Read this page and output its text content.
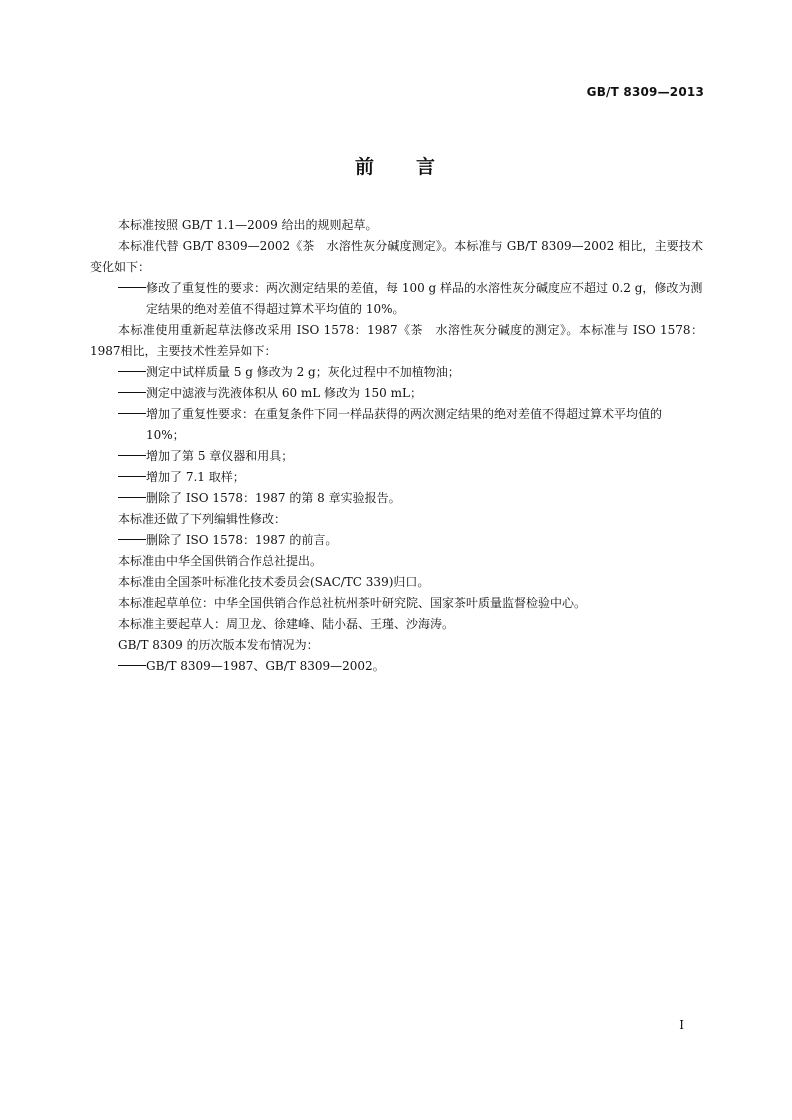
GB/T 8309—2013
前 言

本标准按照 GB/T 1.1—2009 给出的规则起草。

本标准代替 GB/T 8309—2002《茶　水溶性灰分碱度测定》。本标准与 GB/T 8309—2002 相比，主要技术变化如下：

修改了重复性的要求：两次测定结果的差值，每 100 g 样品的水溶性灰分碱度应不超过 0.2 g，修改为测定结果的绝对差值不得超过算术平均值的 10%。

本标准使用重新起草法修改采用 ISO 1578：1987《茶　水溶性灰分碱度的测定》。本标准与 ISO 1578：1987相比，主要技术性差异如下：

测定中试样质量 5 g 修改为 2 g；灰化过程中不加植物油；

测定中滤液与洗液体积从 60 mL 修改为 150 mL；

增加了重复性要求：在重复条件下同一样品获得的两次测定结果的绝对差值不得超过算术平均值的 10%；

增加了第 5 章仪器和用具；

增加了 7.1 取样；

删除了 ISO 1578：1987 的第 8 章实验报告。

本标准还做了下列编辑性修改：

删除了 ISO 1578：1987 的前言。

本标准由中华全国供销合作总社提出。

本标准由全国茶叶标准化技术委员会(SAC/TC 339)归口。

本标准起草单位：中华全国供销合作总社杭州茶叶研究院、国家茶叶质量监督检验中心。

本标准主要起草人：周卫龙、徐建峰、陆小磊、王瑾、沙海涛。

GB/T 8309 的历次版本发布情况为：

GB/T 8309—1987、GB/T 8309—2002。

I
